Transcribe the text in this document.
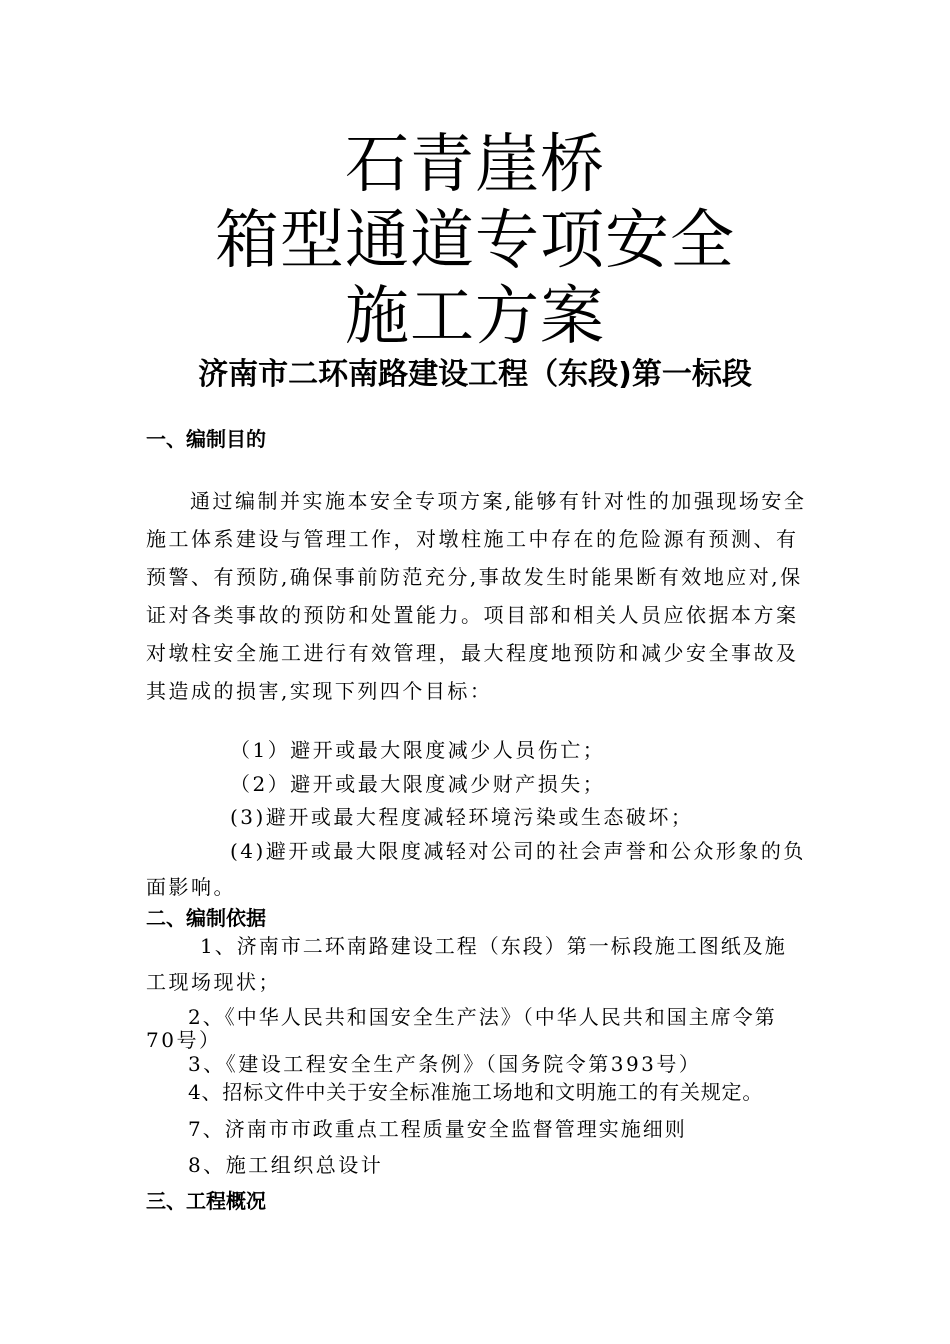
石青崖桥
箱型通道专项安全
施工方案
济南市二环南路建设工程（东段)第一标段
一、编制目的
通过编制并实施本安全专项方案,能够有针对性的加强现场安全
施工体系建设与管理工作，对墩柱施工中存在的危险源有预测、有
预警、有预防,确保事前防范充分,事故发生时能果断有效地应对,保
证对各类事故的预防和处置能力。项目部和相关人员应依据本方案
对墩柱安全施工进行有效管理，最大程度地预防和减少安全事故及
其造成的损害,实现下列四个目标：
（1）避开或最大限度减少人员伤亡；
（2）避开或最大限度减少财产损失；
(3)避开或最大程度减轻环境污染或生态破坏；
(4)避开或最大限度减轻对公司的社会声誉和公众形象的负
面影响。
二、编制依据
1、济南市二环南路建设工程（东段）第一标段施工图纸及施
工现场现状；
2、《中华人民共和国安全生产法》（中华人民共和国主席令第
70号）
3、《建设工程安全生产条例》（国务院令第393号）
4、招标文件中关于安全标准施工场地和文明施工的有关规定。
7、济南市市政重点工程质量安全监督管理实施细则
8、施工组织总设计
三、工程概况
